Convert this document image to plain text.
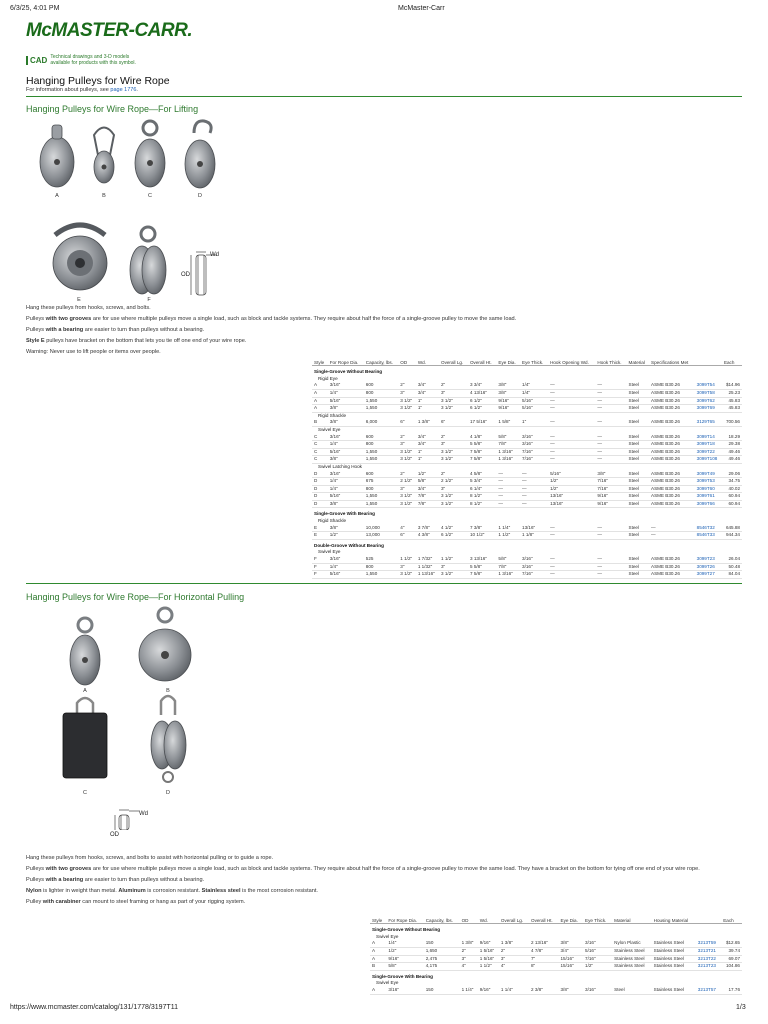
6/3/25, 4:01 PM	McMaster-Carr
McMASTER-CARR.
CAD Technical drawings and 3-D models
available for products with this symbol.
Hanging Pulleys for Wire Rope
For information about pulleys, see page 1776.
Hanging Pulleys for Wire Rope—For Lifting
A	B	C	D
Wd
OD
E	F
Hang these pulleys from hooks, screws, and bolts.
Pulleys with two grooves are for use where multiple pulleys move a single load, such as block and tackle systems. They require about half the force of a single-groove pulley to move the same load.
Pulleys with a bearing are easier to turn than pulleys without a bearing.
Style E pulleys have bracket on the bottom that lets you tie off one end of your wire rope.
Warning: Never use to lift people or items over people.
Style	For Rope Dia.	Capacity, lbs.	OD	Wd.	Overall Lg.	Overall Ht.	Eye Dia.	Eye Thick.	Hook Opening Wd.	Hook Thick.	Material	Specifications Met		Each
Single-Groove Without Bearing														
Rigid Eye														
A	3/16"	600	2"	3/4"	2"	3 3/4"	3/8"	1/4"	—	—	Steel	ASME B30.26	3099T54	$14.96
A	1/4"	800	3"	3/4"	3"	4 13/16"	3/8"	1/4"	—	—	Steel	ASME B30.26	3099T58	25.23
A	5/16"	1,550	3 1/2"	1"	3 1/2"	6 1/2"	9/16"	5/16"	—	—	Steel	ASME B30.26	3099T62	45.83
A	3/8"	1,550	3 1/2"	1"	3 1/2"	6 1/2"	9/16"	5/16"	—	—	Steel	ASME B30.26	3099T69	45.83
Rigid Shackle														
B	3/8"	6,000	6"	1 3/8"	6"	17 5/16"	1 5/8"	1"	—	—	Steel	ASME B30.26	3129T65	700.56
Swivel Eye														
C	3/16"	600	2"	3/4"	2"	4 1/8"	5/8"	3/16"	—	—	Steel	ASME B30.26	3099T14	18.29
C	1/4"	800	3"	3/4"	3"	5 5/8"	7/8"	3/16"	—	—	Steel	ASME B30.26	3099T18	29.38
C	5/16"	1,550	3 1/2"	1"	3 1/2"	7 5/8"	1 3/16"	7/16"	—	—	Steel	ASME B30.26	3099T22	49.46
C	3/8"	1,550	3 1/2"	1"	3 1/2"	7 5/8"	1 3/16"	7/16"	—	—	Steel	ASME B30.26	3099T108	49.46
Swivel Latching Hook														
D	3/16"	600	2"	1/2"	2"	4 5/8"	—	—	5/16"	3/8"	Steel	ASME B30.26	3099T49	29.06
D	1/4"	675	2 1/2"	5/8"	2 1/2"	5 3/4"	—	—	1/2"	7/16"	Steel	ASME B30.26	3099T53	34.75
D	1/4"	800	3"	3/4"	3"	6 1/4"	—	—	1/2"	7/16"	Steel	ASME B30.26	3099T60	40.02
D	5/16"	1,550	3 1/2"	7/8"	3 1/2"	8 1/2"	—	—	13/16"	9/16"	Steel	ASME B30.26	3099T61	60.94
D	3/8"	1,550	3 1/2"	7/8"	3 1/2"	8 1/2"	—	—	13/16"	9/16"	Steel	ASME B30.26	3099T66	60.94
Single-Groove With Bearing														
Rigid Shackle														
E	3/8"	10,000	4"	3 7/8"	4 1/2"	7 3/8"	1 1/4"	13/16"	—	—	Steel	—	8546T32	645.88
E	1/2"	13,000	6"	4 3/8"	6 1/2"	10 1/2"	1 1/2"	1 1/8"	—	—	Steel	—	8546T33	944.34
Double-Groove Without Bearing														
Swivel Eye														
F	3/16"	525	1 1/2"	1 7/32"	1 1/2"	3 13/16"	5/8"	3/16"	—	—	Steel	ASME B30.26	3099T23	26.04
F	1/4"	800	3"	1 1/32"	3"	5 5/8"	7/8"	3/16"	—	—	Steel	ASME B30.26	3099T26	50.48
F	5/16"	1,550	3 1/2"	1 13/16"	3 1/2"	7 5/8"	1 3/16"	7/16"	—	—	Steel	ASME B30.26	3099T27	84.04
Hanging Pulleys for Wire Rope—For Horizontal Pulling
A	B
C	D
Wd
OD
Hang these pulleys from hooks, screws, and bolts to assist with horizontal pulling or to guide a rope.
Pulleys with two grooves are for use where multiple pulleys move a single load, such as block and tackle systems. They require about half the force of a single-groove pulley to move the same load. They have a bracket on the bottom for tying off one end of your wire rope.
Pulleys with a bearing are easier to turn than pulleys without a bearing.
Nylon is lighter in weight than metal. Aluminum is corrosion resistant. Stainless steel is the most corrosion resistant.
Pulley with carabiner can mount to steel framing or hang as part of your rigging system.
Style	For Rope Dia.	Capacity, lbs.	OD	Wd.	Overall Lg.	Overall Ht.	Eye Dia.	Eye Thick.	Material	Housing Material		Each
Single-Groove Without Bearing												
Swivel Eye												
A	1/4"	150	1 3/8"	9/16"	1 3/8"	2 13/16"	3/8"	3/16"	Nylon Plastic	Stainless Steel	3213T59	$12.65
A	1/2"	1,650	2"	1 5/16"	2"	4 7/8"	3/4"	5/16"	Stainless Steel	Stainless Steel	3213T21	39.74
A	9/16"	2,475	3"	1 5/16"	3"	7"	15/16"	7/16"	Stainless Steel	Stainless Steel	3213T22	69.07
B	5/8"	4,175	4"	1 1/2"	4"	8"	15/16"	1/2"	Stainless Steel	Stainless Steel	3213T23	104.86
Single-Groove With Bearing												
Swivel Eye												
A	3/16"	150	1 1/4"	9/16"	1 1/4"	2 3/8"	3/8"	3/16"	Steel	Stainless Steel	3213T57	17.76
https://www.mcmaster.com/catalog/131/1778/3197T11	1/3
